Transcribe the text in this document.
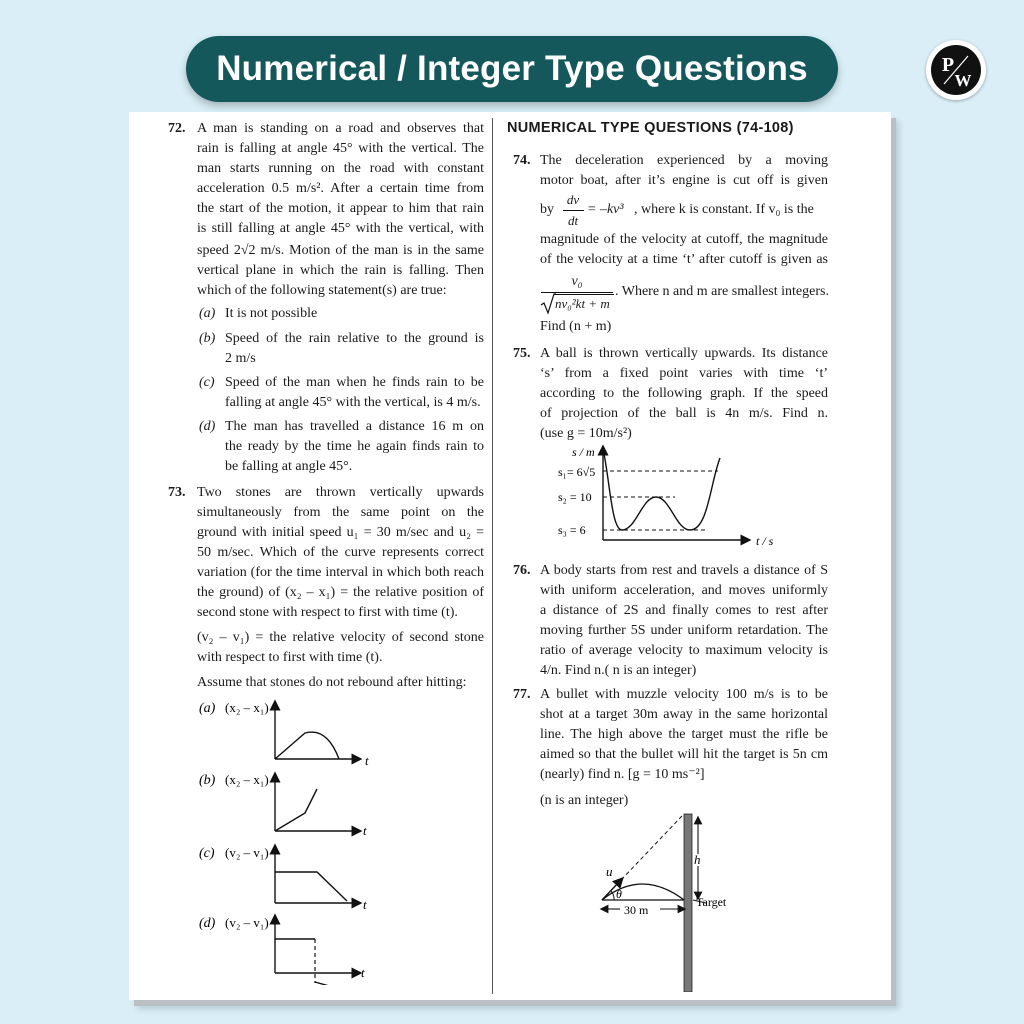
Numerical / Integer Type Questions	P
W
72. A man is standing on a road and observes that
rain is falling at angle 45° with the vertical. The
man starts running on the road with constant
acceleration 0.5 m/s². After a certain time from
the start of the motion, it appear to him that rain
is still falling at angle 45° with the vertical, with
speed 2√2 m/s. Motion of the man is in the same
vertical plane in which the rain is falling. Then
which of the following statement(s) are true:
(a) It is not possible
(b) Speed of the rain relative to the ground is
2 m/s
(c) Speed of the man when he finds rain to be
falling at angle 45° with the vertical, is 4 m/s.
(d) The man has travelled a distance 16 m on
the ready by the time he again finds rain to
be falling at angle 45°.
73. Two stones are thrown vertically upwards
simultaneously from the same point on the
ground with initial speed u₁ = 30 m/sec and u₂ =
50 m/sec. Which of the curve represents correct
variation (for the time interval in which both reach
the ground) of (x₂ – x₁) = the relative position of
second stone with respect to first with time (t).
(v₂ – v₁) = the relative velocity of second stone
with respect to first with time (t).
Assume that stones do not rebound after hitting:
(a) (x₂ – x₁)
t
(b) (x₂ – x₁)
t
(c) (v₂ – v₁)
t
(d) (v₂ – v₁)
t
NUMERICAL TYPE QUESTIONS (74-108)
74. The deceleration experienced by a moving
motor boat, after it’s engine is cut off is given
by
dv
dt
= –kv³ , where k is constant. If v₀ is the
magnitude of the velocity at cutoff, the magnitude
of the velocity at a time ‘t’ after cutoff is given as
v₀
nv₀²kt + m
. Where n and m are smallest integers.
Find (n + m)
75. A ball is thrown vertically upwards. Its distance
‘s’ from a fixed point varies with time ‘t’
according to the following graph. If the speed
of projection of the ball is 4n m/s. Find n.
(use g = 10m/s²)
s / m
t / s
s₁= 6√5
s₂ = 10
s₃ = 6
76. A body starts from rest and travels a distance of S
with uniform acceleration, and moves uniformly
a distance of 2S and finally comes to rest after
moving further 5S under uniform retardation. The
ratio of average velocity to maximum velocity is
4/n. Find n.( n is an integer)
77. A bullet with muzzle velocity 100 m/s is to be
shot at a target 30m away in the same horizontal
line. The high above the target must the rifle be
aimed so that the bullet will hit the target is 5n cm
(nearly) find n. [g = 10 ms⁻²]
(n is an integer)
u
θ
h
30 m
Target
